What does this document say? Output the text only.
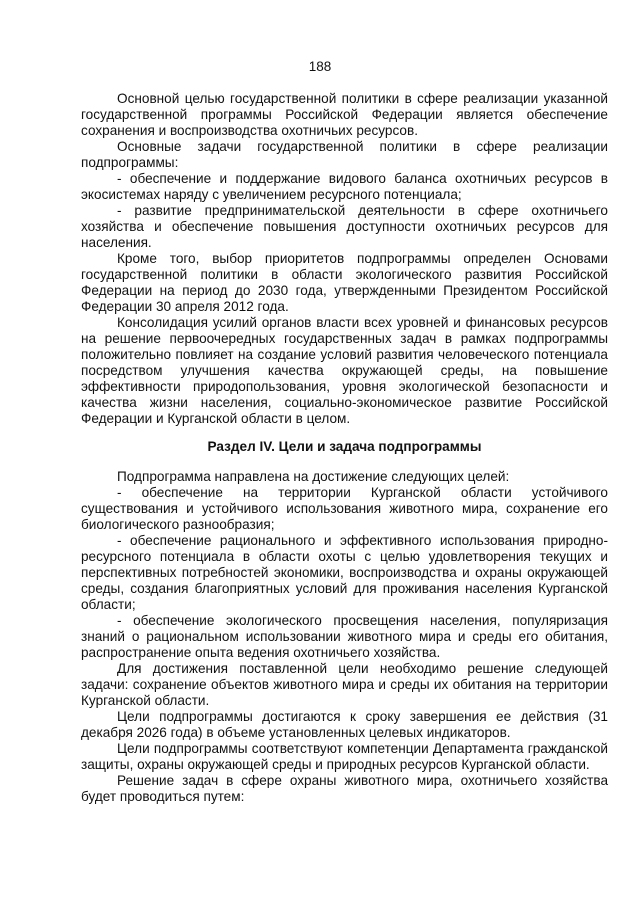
188

Основной целью государственной политики в сфере реализации указанной государственной программы Российской Федерации является обеспечение сохранения и воспроизводства охотничьих ресурсов.

Основные задачи государственной политики в сфере реализации подпрограммы:

- обеспечение и поддержание видового баланса охотничьих ресурсов в экосистемах наряду с увеличением ресурсного потенциала;

- развитие предпринимательской деятельности в сфере охотничьего хозяйства и обеспечение повышения доступности охотничьих ресурсов для населения.

Кроме того, выбор приоритетов подпрограммы определен Основами государственной политики в области экологического развития Российской Федерации на период до 2030 года, утвержденными Президентом Российской Федерации 30 апреля 2012 года.

Консолидация усилий органов власти всех уровней и финансовых ресурсов на решение первоочередных государственных задач в рамках подпрограммы положительно повлияет на создание условий развития человеческого потенциала посредством улучшения качества окружающей среды, на повышение эффективности природопользования, уровня экологической безопасности и качества жизни населения, социально-экономическое развитие Российской Федерации и Курганской области в целом.

Раздел IV. Цели и задача подпрограммы

Подпрограмма направлена на достижение следующих целей:

- обеспечение на территории Курганской области устойчивого существования и устойчивого использования животного мира, сохранение его биологического разнообразия;

- обеспечение рационального и эффективного использования природно-ресурсного потенциала в области охоты с целью удовлетворения текущих и перспективных потребностей экономики, воспроизводства и охраны окружающей среды, создания благоприятных условий для проживания населения Курганской области;

- обеспечение экологического просвещения населения, популяризация знаний о рациональном использовании животного мира и среды его обитания, распространение опыта ведения охотничьего хозяйства.

Для достижения поставленной цели необходимо решение следующей задачи: сохранение объектов животного мира и среды их обитания на территории Курганской области.

Цели подпрограммы достигаются к сроку завершения ее действия (31 декабря 2026 года) в объеме установленных целевых индикаторов.

Цели подпрограммы соответствуют компетенции Департамента гражданской защиты, охраны окружающей среды и природных ресурсов Курганской области.

Решение задач в сфере охраны животного мира, охотничьего хозяйства будет проводиться путем:
